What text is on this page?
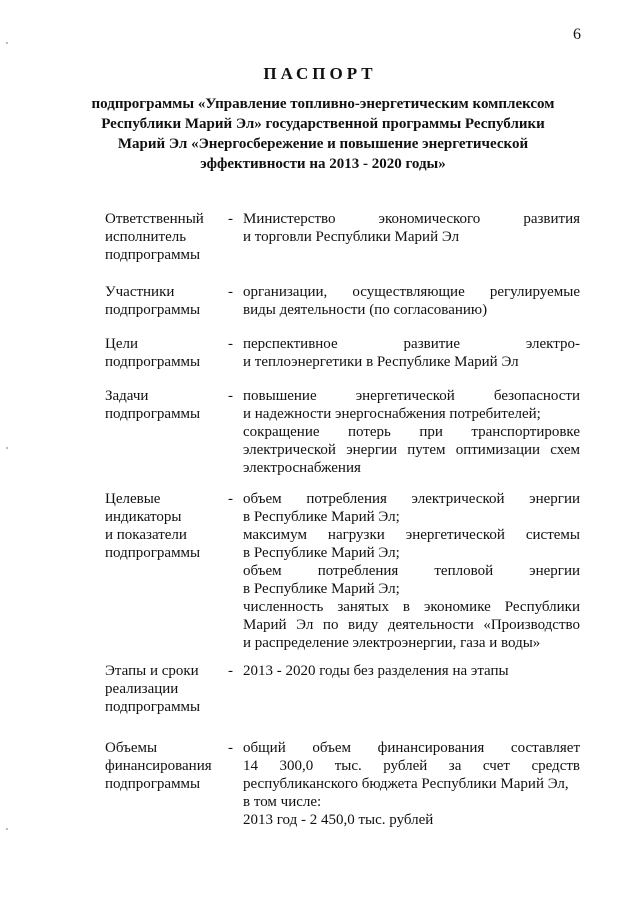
6
ПАСПОРТ
подпрограммы «Управление топливно-энергетическим комплексом
Республики Марий Эл» государственной программы Республики
Марий Эл «Энергосбережение и повышение энергетической
эффективности на 2013 - 2020 годы»
Ответственный
исполнитель
подпрограммы
- Министерство экономического развития
и торговли Республики Марий Эл
Участники
подпрограммы
- организации, осуществляющие регулируемые
виды деятельности (по согласованию)
Цели
подпрограммы
- перспективное развитие электро-
и теплоэнергетики в Республике Марий Эл
Задачи
подпрограммы
- повышение энергетической безопасности
и надежности энергоснабжения потребителей;
сокращение потерь при транспортировке
электрической энергии путем оптимизации схем
электроснабжения
Целевые
индикаторы
и показатели
подпрограммы
- объем потребления электрической энергии
в Республике Марий Эл;
максимум нагрузки энергетической системы
в Республике Марий Эл;
объем потребления тепловой энергии
в Республике Марий Эл;
численность занятых в экономике Республики
Марий Эл по виду деятельности «Производство
и распределение электроэнергии, газа и воды»
Этапы и сроки
реализации
подпрограммы
- 2013 - 2020 годы без разделения на этапы
Объемы
финансирования
подпрограммы
- общий объем финансирования составляет
14 300,0 тыс. рублей за счет средств
республиканского бюджета Республики Марий Эл,
в том числе:
2013 год - 2 450,0 тыс. рублей
